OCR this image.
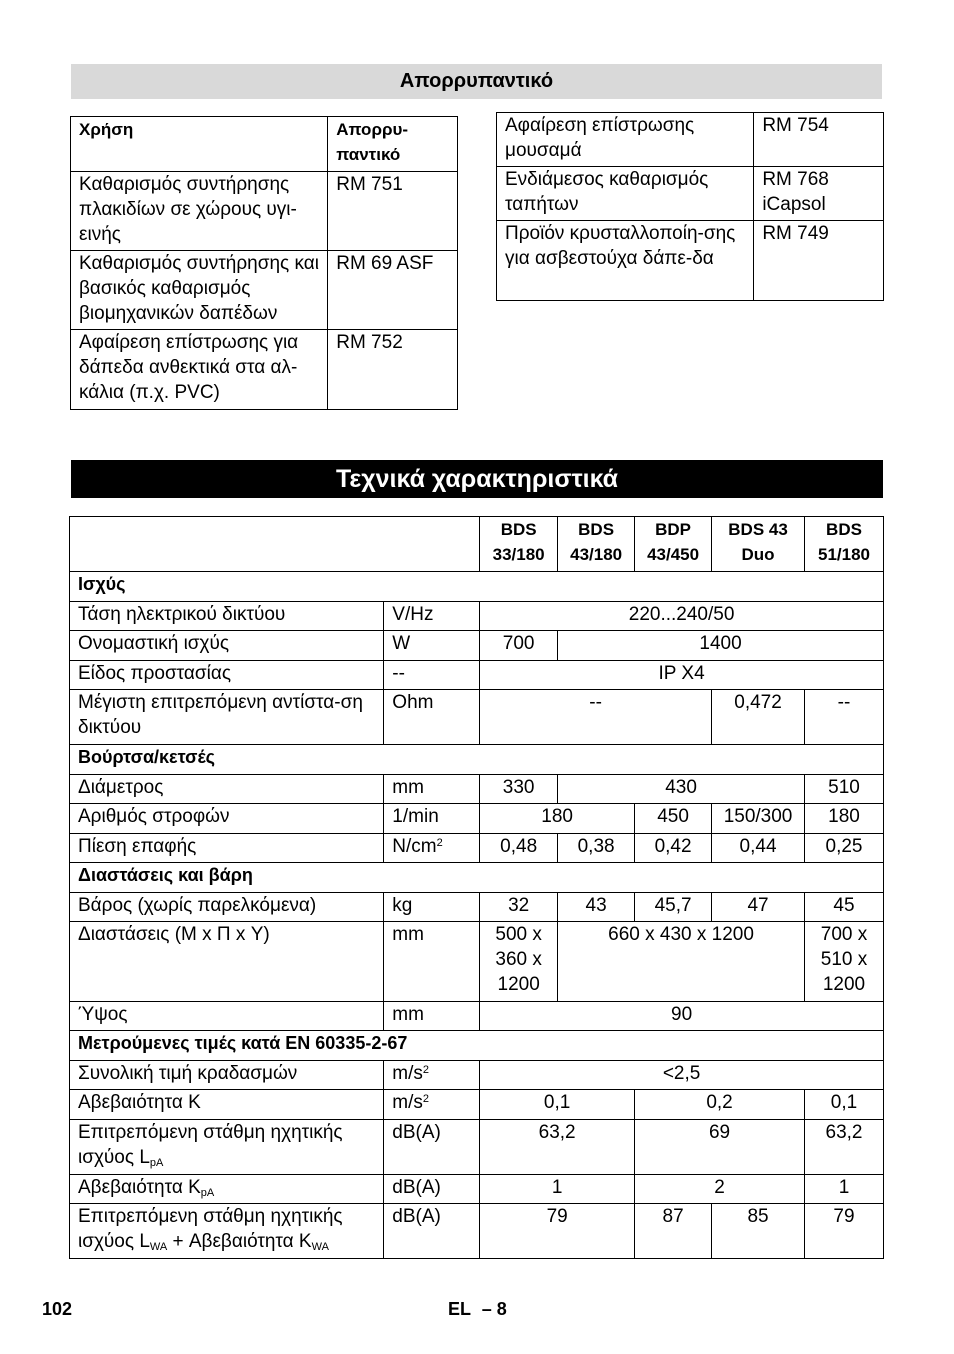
Απορρυπαντικό
Χρήση	Απορρυ-παντικό
Καθαρισμός συντήρησης πλακιδίων σε χώρους υγι-εινής	RM 751
Καθαρισμός συντήρησης και βασικός καθαρισμός βιομηχανικών δαπέδων	RM 69 ASF
Αφαίρεση επίστρωσης για δάπεδα ανθεκτικά στα αλ-κάλια (π.χ. PVC)	RM 752
Αφαίρεση επίστρωσης μουσαμά	RM 754
Ενδιάμεσος καθαρισμός ταπήτων	RM 768 iCapsol
Προϊόν κρυσταλλοποίη-σης για ασβεστούχα δάπε-δα	RM 749
Τεχνικά χαρακτηριστικά
		BDS 33/180	BDS 43/180	BDP 43/450	BDS 43 Duo	BDS 51/180
Ισχύς						
Τάση ηλεκτρικού δικτύου	V/Hz	220...240/50				
Ονομαστική ισχύς	W	700	1400			
Είδος προστασίας	--	IP X4				
Μέγιστη επιτρεπόμενη αντίστα-ση δικτύου	Ohm	--			0,472	--
Βούρτσα/κετσές						
Διάμετρος	mm	330	430			510
Αριθμός στροφών	1/min	180		450	150/300	180
Πίεση επαφής	$N/cm^2$	0,48	0,38	0,42	0,44	0,25
Διαστάσεις και βάρη						
Βάρος (χωρίς παρελκόμενα)	kg	32	43	45,7	47	45
Διαστάσεις (Μ x Π x Υ)	mm	500 x 360 x 1200	660 x 430 x 1200			700 x 510 x 1200
Ύψος	mm	90				
Μετρούμενες τιμές κατά EN 60335-2-67						
Συνολική τιμή κραδασμών	$m/s^2$	<2,5				
Αβεβαιότητα K	$m/s^2$	0,1		0,2		0,1
Επιτρεπόμενη στάθμη ηχητικής ισχύος $L_{pA}$	dB(A)	63,2		69		63,2
Αβεβαιότητα $K_{pA}$	dB(A)	1		2		1
Επιτρεπόμενη στάθμη ηχητικής ισχύος $L_{WA} + A\beta\varepsilon\beta\alpha\iota ό\tau\eta\tau\alpha$ $K_{WA}$	dB(A)	79		87	85	79
102	EL – 8
